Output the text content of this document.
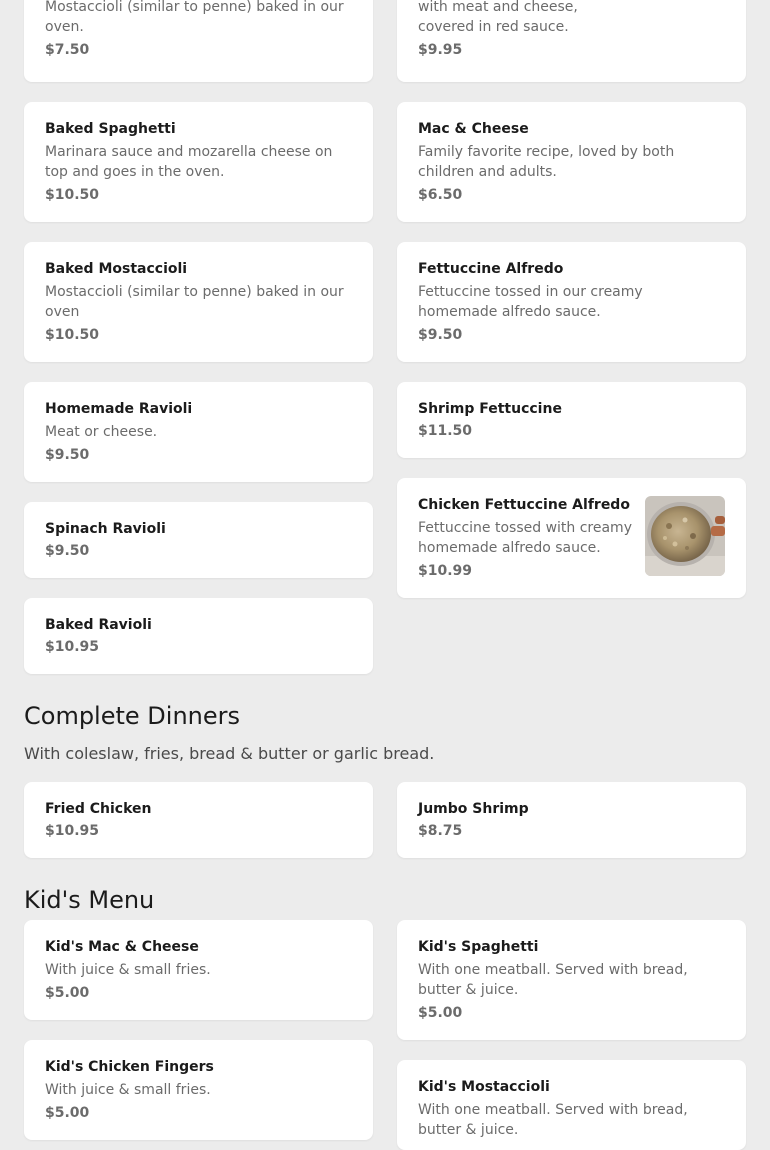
Mostaccioli (similar to penne) baked in our oven.
$7.50
Baked Spaghetti
Marinara sauce and mozarella cheese on top and goes in the oven.
$10.50
Baked Mostaccioli
Mostaccioli (similar to penne) baked in our oven
$10.50
Homemade Ravioli
Meat or cheese.
$9.50
Spinach Ravioli
$9.50
Baked Ravioli
$10.95
with meat and cheese, covered in red sauce.
$9.95
Mac & Cheese
Family favorite recipe, loved by both children and adults.
$6.50
Fettuccine Alfredo
Fettuccine tossed in our creamy homemade alfredo sauce.
$9.50
Shrimp Fettuccine
$11.50
Chicken Fettuccine Alfredo
Fettuccine tossed with creamy homemade alfredo sauce.
$10.99
Complete Dinners
With coleslaw, fries, bread & butter or garlic bread.
Fried Chicken
$10.95
Jumbo Shrimp
$8.75
Kid's Menu
Kid's Mac & Cheese
With juice & small fries.
$5.00
Kid's Spaghetti
With one meatball. Served with bread, butter & juice.
$5.00
Kid's Chicken Fingers
With juice & small fries.
$5.00
Kid's Mostaccioli
With one meatball. Served with bread, butter & juice.
